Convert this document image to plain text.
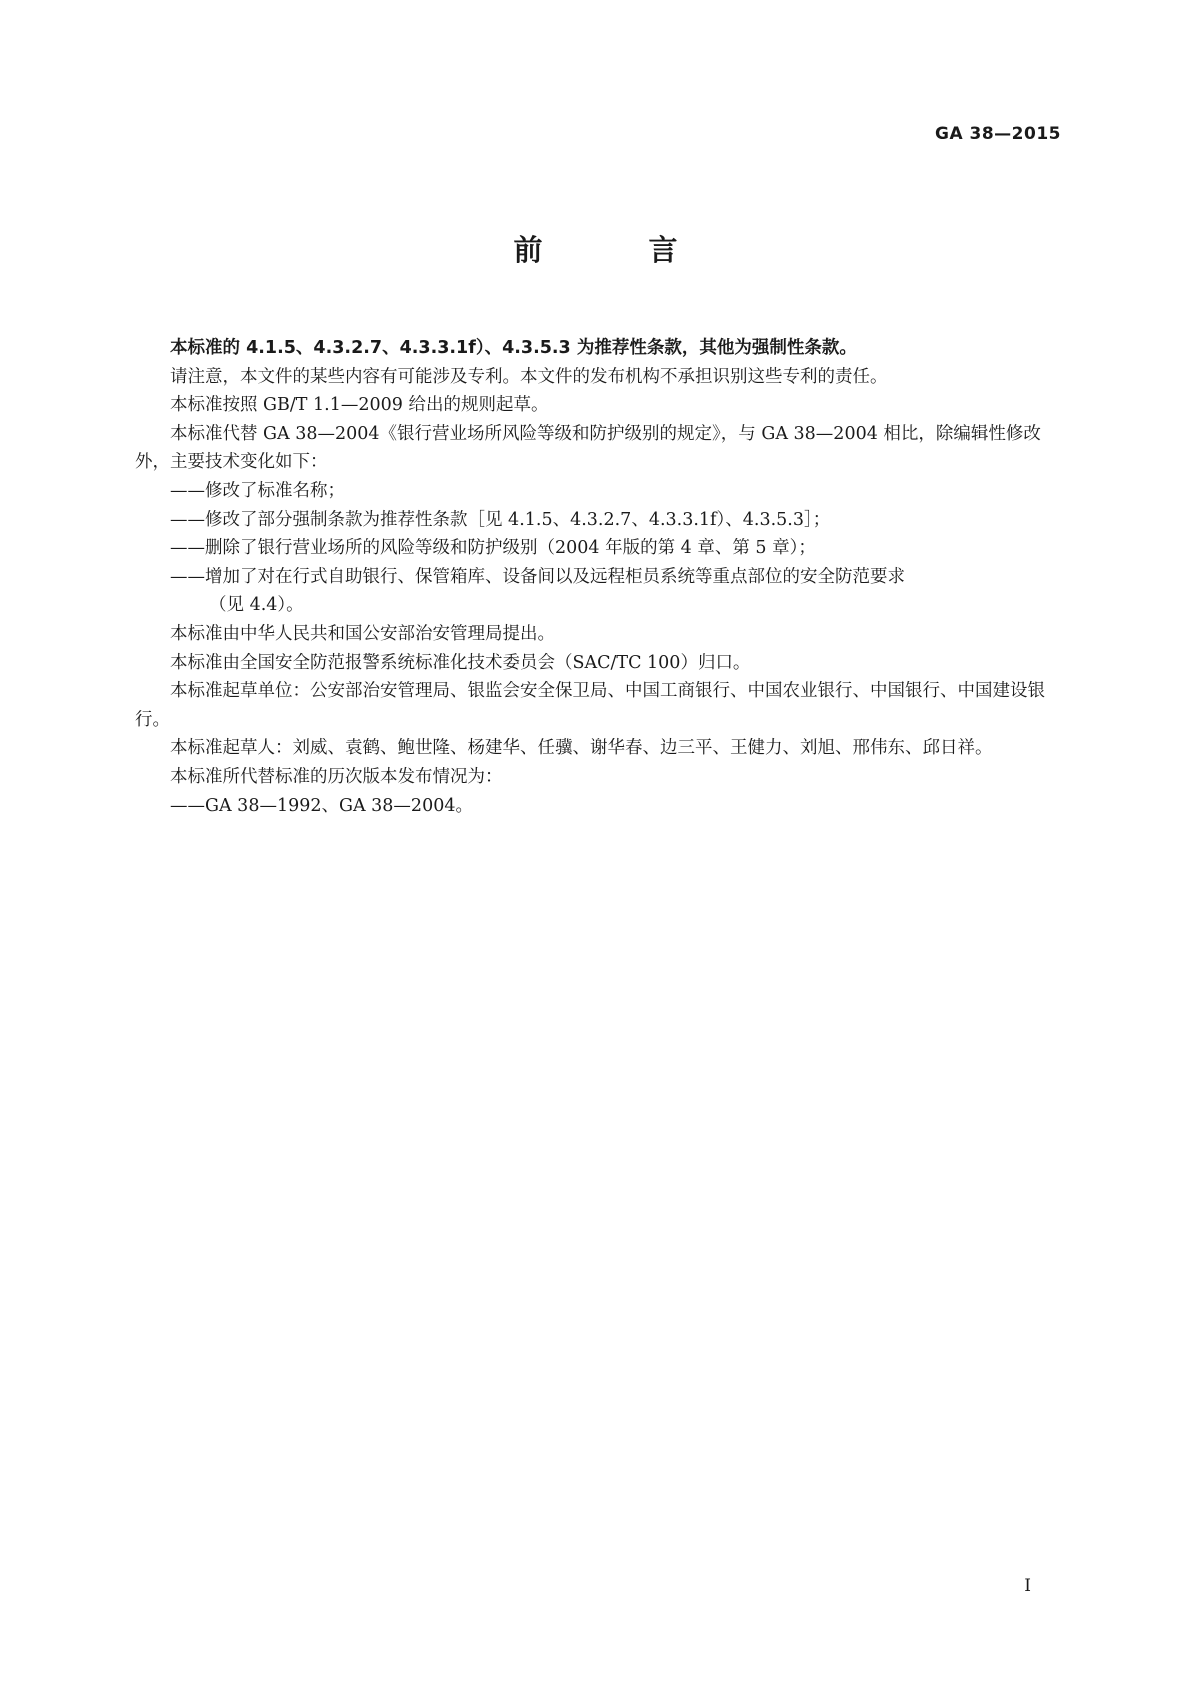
GA 38—2015
前 言

本标准的 4.1.5、4.3.2.7、4.3.3.1f）、4.3.5.3 为推荐性条款，其他为强制性条款。

请注意，本文件的某些内容有可能涉及专利。本文件的发布机构不承担识别这些专利的责任。

本标准按照 GB/T 1.1—2009 给出的规则起草。

本标准代替 GA 38—2004《银行营业场所风险等级和防护级别的规定》，与 GA 38—2004 相比，除编辑性修改外，主要技术变化如下：

——修改了标准名称；

——修改了部分强制条款为推荐性条款［见 4.1.5、4.3.2.7、4.3.3.1f）、4.3.5.3］；

——删除了银行营业场所的风险等级和防护级别（2004 年版的第 4 章、第 5 章）；

——增加了对在行式自助银行、保管箱库、设备间以及远程柜员系统等重点部位的安全防范要求
（见 4.4）。

本标准由中华人民共和国公安部治安管理局提出。

本标准由全国安全防范报警系统标准化技术委员会（SAC/TC 100）归口。

本标准起草单位：公安部治安管理局、银监会安全保卫局、中国工商银行、中国农业银行、中国银行、中国建设银行。

本标准起草人：刘威、袁鹤、鲍世隆、杨建华、任骥、谢华春、边三平、王健力、刘旭、邢伟东、邱日祥。

本标准所代替标准的历次版本发布情况为：

——GA 38—1992、GA 38—2004。

I
